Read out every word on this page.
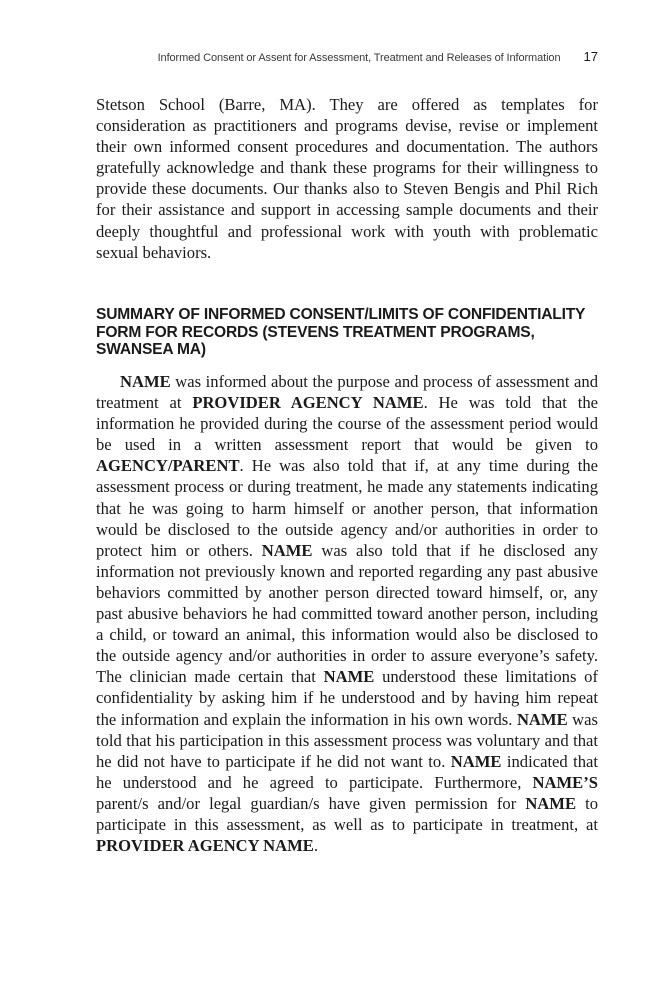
Informed Consent or Assent for Assessment, Treatment and Releases of Information 17

Stetson School (Barre, MA). They are offered as templates for consideration as practitioners and programs devise, revise or implement their own informed consent procedures and documentation. The authors gratefully acknowledge and thank these programs for their willingness to provide these documents. Our thanks also to Steven Bengis and Phil Rich for their assistance and support in accessing sample documents and their deeply thoughtful and professional work with youth with problematic sexual behaviors.

SUMMARY OF INFORMED CONSENT/LIMITS OF CONFIDENTIALITY FORM FOR RECORDS (STEVENS TREATMENT PROGRAMS, SWANSEA MA)

NAME was informed about the purpose and process of assessment and treatment at PROVIDER AGENCY NAME. He was told that the information he provided during the course of the assessment period would be used in a written assessment report that would be given to AGENCY/PARENT. He was also told that if, at any time during the assessment process or during treatment, he made any statements indicating that he was going to harm himself or another person, that information would be disclosed to the outside agency and/or authorities in order to protect him or others. NAME was also told that if he disclosed any information not previously known and reported regarding any past abusive behaviors committed by another person directed toward himself, or, any past abusive behaviors he had committed toward another person, including a child, or toward an animal, this information would also be disclosed to the outside agency and/or authorities in order to assure everyone’s safety. The clinician made certain that NAME understood these limitations of confidentiality by asking him if he understood and by having him repeat the information and explain the information in his own words. NAME was told that his participation in this assessment process was voluntary and that he did not have to participate if he did not want to. NAME indicated that he understood and he agreed to participate. Furthermore, NAME’S parent/s and/or legal guardian/s have given permission for NAME to participate in this assessment, as well as to participate in treatment, at PROVIDER AGENCY NAME.
